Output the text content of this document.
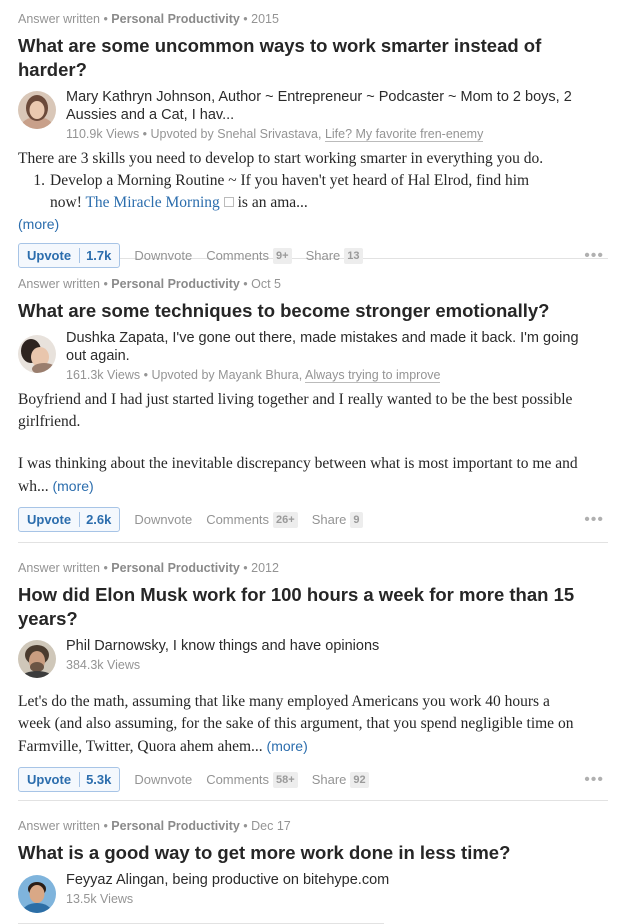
Answer written • Personal Productivity • 2015
What are some uncommon ways to work smarter instead of harder?
Mary Kathryn Johnson, Author ~ Entrepreneur ~ Podcaster ~ Mom to 2 boys, 2
Aussies and a Cat, I hav...
110.9k Views • Upvoted by Snehal Srivastava, Life? My favorite fren-enemy
There are 3 skills you need to develop to start working smarter in everything you do.
1. Develop a Morning Routine ~ If you haven't yet heard of Hal Elrod, find him
now! The Miracle Morning is an ama...
(more)
Upvote	1.7k	Downvote Comments 9+ Share 13	•••
Answer written • Personal Productivity • Oct 5
What are some techniques to become stronger emotionally?
Dushka Zapata, I've gone out there, made mistakes and made it back. I'm going
out again.
161.3k Views • Upvoted by Mayank Bhura, Always trying to improve
Boyfriend and I had just started living together and I really wanted to be the best possible
girlfriend.
I was thinking about the inevitable discrepancy between what is most important to me and
wh... (more)
Upvote	2.6k	Downvote Comments 26+ Share 9	•••
Answer written • Personal Productivity • 2012
How did Elon Musk work for 100 hours a week for more than 15
years?
Phil Darnowsky, I know things and have opinions
384.3k Views
Let's do the math, assuming that like many employed Americans you work 40 hours a
week (and also assuming, for the sake of this argument, that you spend negligible time on
Farmville, Twitter, Quora ahem ahem... (more)
Upvote	5.3k	Downvote Comments 58+ Share 92	•••
Answer written • Personal Productivity • Dec 17
What is a good way to get more work done in less time?
Feyyaz Alingan, being productive on bitehype.com
13.5k Views
